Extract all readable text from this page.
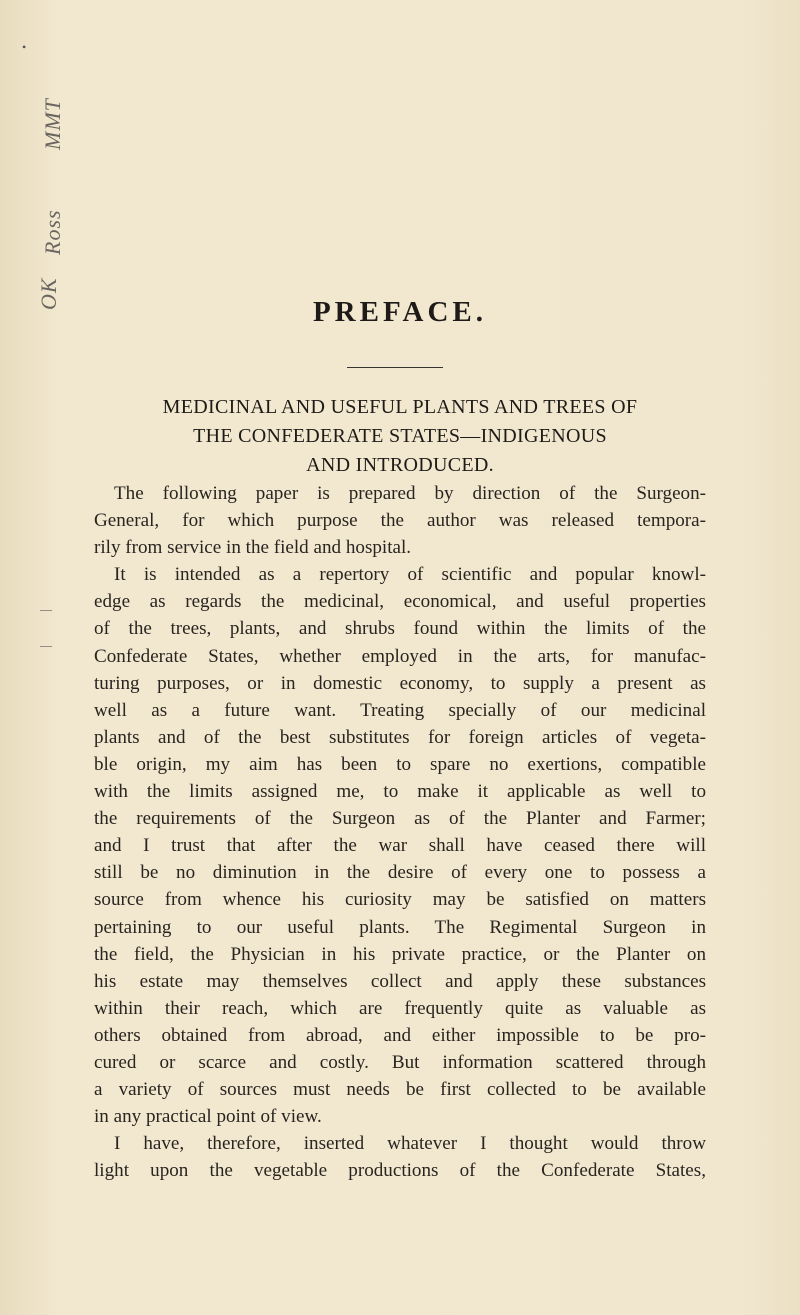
MMT
Ross
OK
PREFACE.
MEDICINAL AND USEFUL PLANTS AND TREES OF
THE CONFEDERATE STATES—INDIGENOUS
AND INTRODUCED.
The following paper is prepared by direction of the Surgeon-
General, for which purpose the author was released tempora-
rily from service in the field and hospital.
It is intended as a repertory of scientific and popular knowl-
edge as regards the medicinal, economical, and useful properties
of the trees, plants, and shrubs found within the limits of the
Confederate States, whether employed in the arts, for manufac-
turing purposes, or in domestic economy, to supply a present as
well as a future want. Treating specially of our medicinal
plants and of the best substitutes for foreign articles of vegeta-
ble origin, my aim has been to spare no exertions, compatible
with the limits assigned me, to make it applicable as well to
the requirements of the Surgeon as of the Planter and Farmer;
and I trust that after the war shall have ceased there will
still be no diminution in the desire of every one to possess a
source from whence his curiosity may be satisfied on matters
pertaining to our useful plants. The Regimental Surgeon in
the field, the Physician in his private practice, or the Planter on
his estate may themselves collect and apply these substances
within their reach, which are frequently quite as valuable as
others obtained from abroad, and either impossible to be pro-
cured or scarce and costly. But information scattered through
a variety of sources must needs be first collected to be available
in any practical point of view.
I have, therefore, inserted whatever I thought would throw
light upon the vegetable productions of the Confederate States,
•
—
—
